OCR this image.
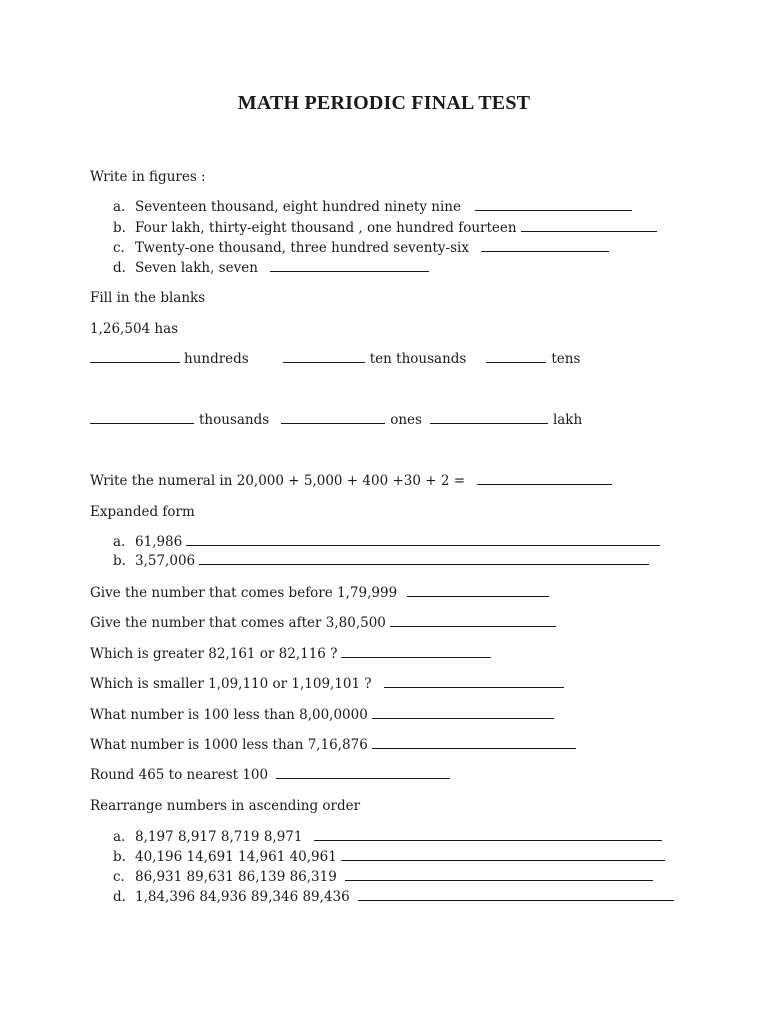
MATH PERIODIC FINAL TEST
Write in figures :
a. Seventeen thousand, eight hundred ninety nine
b. Four lakh, thirty-eight thousand , one hundred fourteen
c. Twenty-one thousand, three hundred seventy-six
d. Seven lakh, seven
Fill in the blanks
1,26,504 has
hundreds	ten thousands	tens
thousands	ones	lakh
Write the numeral in 20,000 + 5,000 + 400 +30 + 2 =
Expanded form
a. 61,986
b. 3,57,006
Give the number that comes before 1,79,999
Give the number that comes after 3,80,500
Which is greater 82,161 or 82,116 ?
Which is smaller 1,09,110 or 1,109,101 ?
What number is 100 less than 8,00,0000
What number is 1000 less than 7,16,876
Round 465 to nearest 100
Rearrange numbers in ascending order
a. 8,197 8,917 8,719 8,971
b. 40,196 14,691 14,961 40,961
c. 86,931 89,631 86,139 86,319
d. 1,84,396 84,936 89,346 89,436
